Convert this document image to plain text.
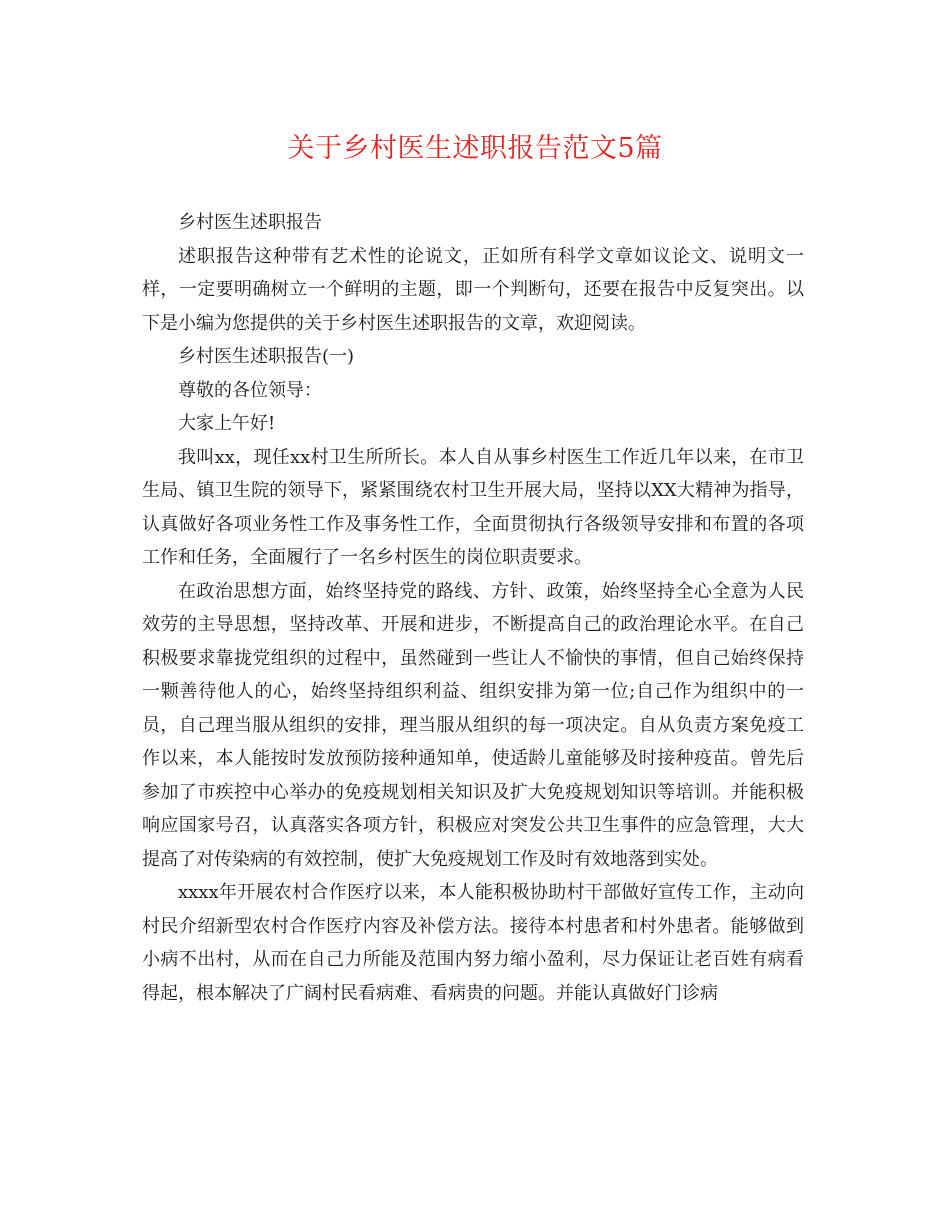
关于乡村医生述职报告范文5篇

乡村医生述职报告

述职报告这种带有艺术性的论说文，正如所有科学文章如议论文、说明文一样，一定要明确树立一个鲜明的主题，即一个判断句，还要在报告中反复突出。以下是小编为您提供的关于乡村医生述职报告的文章，欢迎阅读。

乡村医生述职报告(一)

尊敬的各位领导：

大家上午好!

我叫xx，现任xx村卫生所所长。本人自从事乡村医生工作近几年以来，在市卫生局、镇卫生院的领导下，紧紧围绕农村卫生开展大局，坚持以XX大精神为指导，认真做好各项业务性工作及事务性工作，全面贯彻执行各级领导安排和布置的各项工作和任务，全面履行了一名乡村医生的岗位职责要求。

在政治思想方面，始终坚持党的路线、方针、政策，始终坚持全心全意为人民效劳的主导思想，坚持改革、开展和进步，不断提高自己的政治理论水平。在自己积极要求靠拢党组织的过程中，虽然碰到一些让人不愉快的事情，但自己始终保持一颗善待他人的心，始终坚持组织利益、组织安排为第一位;自己作为组织中的一员，自己理当服从组织的安排，理当服从组织的每一项决定。自从负责方案免疫工作以来，本人能按时发放预防接种通知单，使适龄儿童能够及时接种疫苗。曾先后参加了市疾控中心举办的免疫规划相关知识及扩大免疫规划知识等培训。并能积极响应国家号召，认真落实各项方针，积极应对突发公共卫生事件的应急管理，大大提高了对传染病的有效控制，使扩大免疫规划工作及时有效地落到实处。

xxxx年开展农村合作医疗以来，本人能积极协助村干部做好宣传工作，主动向村民介绍新型农村合作医疗内容及补偿方法。接待本村患者和村外患者。能够做到小病不出村，从而在自己力所能及范围内努力缩小盈利，尽力保证让老百姓有病看得起，根本解决了广阔村民看病难、看病贵的问题。并能认真做好门诊病
